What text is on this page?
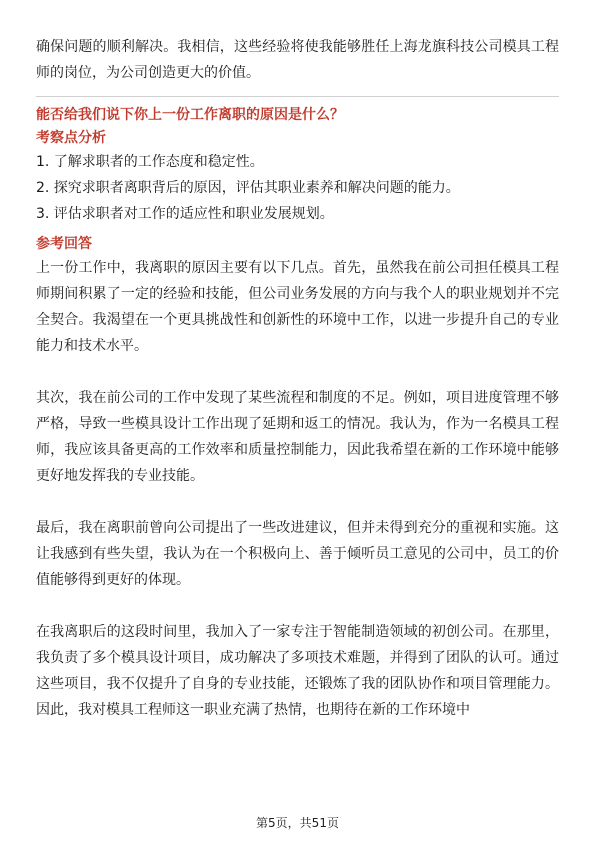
确保问题的顺利解决。我相信，这些经验将使我能够胜任上海龙旗科技公司模具工程师的岗位，为公司创造更大的价值。

能否给我们说下你上一份工作离职的原因是什么？

考察点分析

1. 了解求职者的工作态度和稳定性。

2. 探究求职者离职背后的原因，评估其职业素养和解决问题的能力。

3. 评估求职者对工作的适应性和职业发展规划。

参考回答

上一份工作中，我离职的原因主要有以下几点。首先，虽然我在前公司担任模具工程师期间积累了一定的经验和技能，但公司业务发展的方向与我个人的职业规划并不完全契合。我渴望在一个更具挑战性和创新性的环境中工作，以进一步提升自己的专业能力和技术水平。

其次，我在前公司的工作中发现了某些流程和制度的不足。例如，项目进度管理不够严格，导致一些模具设计工作出现了延期和返工的情况。我认为，作为一名模具工程师，我应该具备更高的工作效率和质量控制能力，因此我希望在新的工作环境中能够更好地发挥我的专业技能。

最后，我在离职前曾向公司提出了一些改进建议，但并未得到充分的重视和实施。这让我感到有些失望，我认为在一个积极向上、善于倾听员工意见的公司中，员工的价值能够得到更好的体现。

在我离职后的这段时间里，我加入了一家专注于智能制造领域的初创公司。在那里，我负责了多个模具设计项目，成功解决了多项技术难题，并得到了团队的认可。通过这些项目，我不仅提升了自身的专业技能，还锻炼了我的团队协作和项目管理能力。因此，我对模具工程师这一职业充满了热情，也期待在新的工作环境中

第5页，共51页
